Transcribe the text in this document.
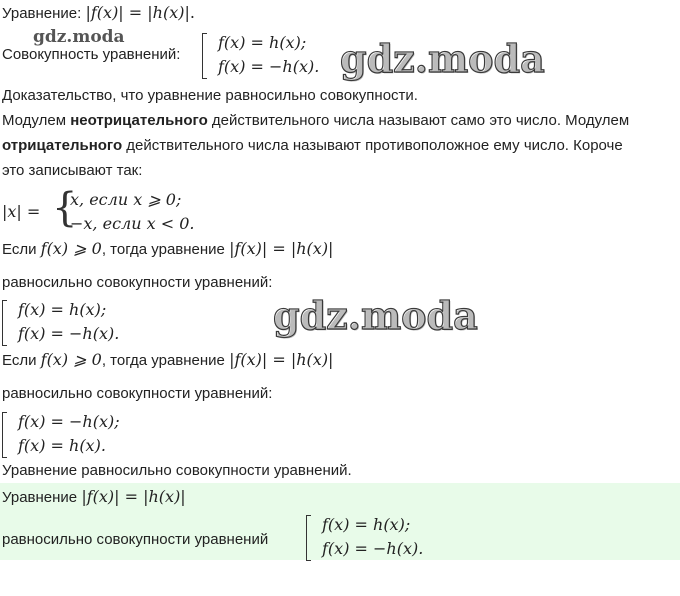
Уравнение: |f(x)| = |h(x)|.
gdz.moda
Совокупность уравнений:
f(x) = h(x);
f(x) = −h(x). gdz.moda
Доказательство, что уравнение равносильно совокупности.
Модулем неотрицательного действительного числа называют само это число. Модулем
отрицательного действительного числа называют противоположное ему число. Короче
это записывают так:
|x| = {
x, если x ⩾ 0;
−x, если x < 0.
Если f(x) ⩾ 0, тогда уравнение |f(x)| = |h(x)|
равносильно совокупности уравнений:
f(x) = h(x);
f(x) = −h(x).	gdz.moda
Если f(x) ⩾ 0, тогда уравнение |f(x)| = |h(x)|
равносильно совокупности уравнений:
f(x) = −h(x);
f(x) = h(x).
Уравнение равносильно совокупности уравнений.
Уравнение |f(x)| = |h(x)|
равносильно совокупности уравнений
f(x) = h(x);
f(x) = −h(x).
